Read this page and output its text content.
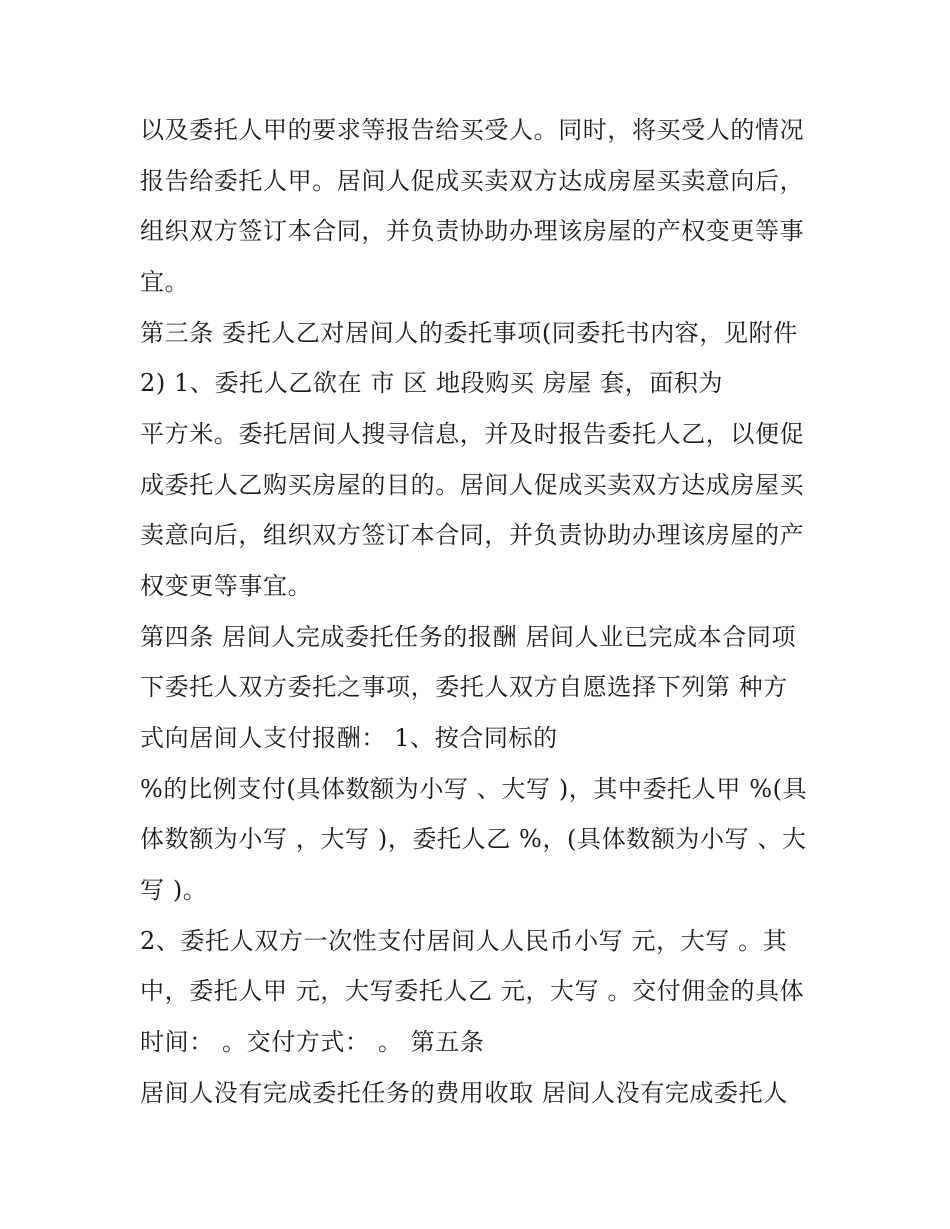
以及委托人甲的要求等报告给买受人。同时，将买受人的情况
报告给委托人甲。居间人促成买卖双方达成房屋买卖意向后，
组织双方签订本合同，并负责协助办理该房屋的产权变更等事
宜。
第三条 委托人乙对居间人的委托事项(同委托书内容，见附件
2) 1、委托人乙欲在 市 区 地段购买 房屋 套，面积为
平方米。委托居间人搜寻信息，并及时报告委托人乙，以便促
成委托人乙购买房屋的目的。居间人促成买卖双方达成房屋买
卖意向后，组织双方签订本合同，并负责协助办理该房屋的产
权变更等事宜。
第四条 居间人完成委托任务的报酬 居间人业已完成本合同项
下委托人双方委托之事项，委托人双方自愿选择下列第 种方
式向居间人支付报酬： 1、按合同标的
%的比例支付(具体数额为小写 、大写 )，其中委托人甲 %(具
体数额为小写 ，大写 )，委托人乙 %，(具体数额为小写 、大
写 )。
2、委托人双方一次性支付居间人人民币小写 元，大写 。其
中，委托人甲 元，大写委托人乙 元，大写 。交付佣金的具体
时间： 。交付方式： 。 第五条
居间人没有完成委托任务的费用收取 居间人没有完成委托人
